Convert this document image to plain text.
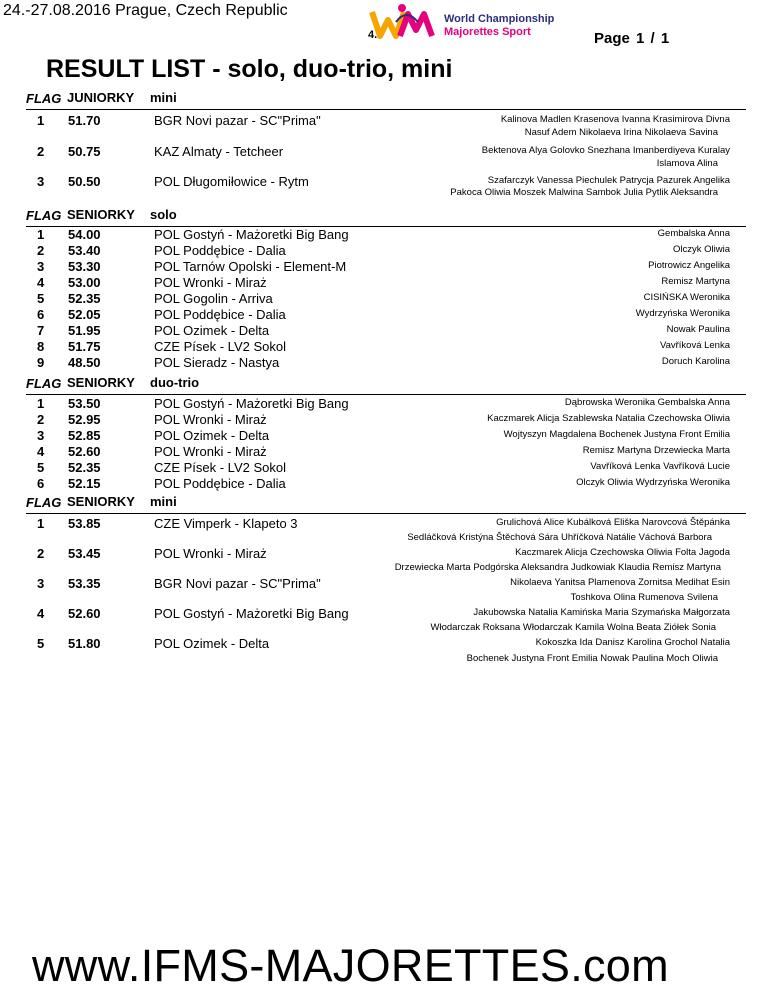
24.-27.08.2016 Prague, Czech Republic
4.
World Championship
Majorettes Sport	Page 1 / 1
RESULT LIST - solo, duo-trio, mini
FLAG JUNIORKY mini
1 51.70	BGR Novi pazar - SC"Prima"	Kalinova Madlen Krasenova Ivanna Krasimirova Divna
Nasuf Adem Nikolaeva Irina Nikolaeva Savina
2 50.75	KAZ Almaty - Tetcheer	Bektenova Alya Golovko Snezhana Imanberdiyeva Kuralay
Islamova Alina
3 50.50	POL Długomiłowice - Rytm	Szafarczyk Vanessa Piechulek Patrycja Pazurek Angelika
Pakoca Oliwia Moszek Malwina Sambok Julia Pytlik Aleksandra
FLAG SENIORKY solo
1 54.00	POL Gostyń - Mażoretki Big Bang	Gembalska Anna
2 53.40	POL Poddębice - Dalia	Olczyk Oliwia
3 53.30	POL Tarnów Opolski - Element-M	Piotrowicz Angelika
4 53.00	POL Wronki - Miraż	Remisz Martyna
5 52.35	POL Gogolin - Arriva	CISIŃSKA Weronika
6 52.05	POL Poddębice - Dalia	Wydrzyńska Weronika
7 51.95	POL Ozimek - Delta	Nowak Paulina
8 51.75	CZE Písek - LV2 Sokol	Vavříková Lenka
9 48.50	POL Sieradz - Nastya	Doruch Karolina
FLAG SENIORKY duo-trio
1 53.50	POL Gostyń - Mażoretki Big Bang	Dąbrowska Weronika Gembalska Anna
2 52.95	POL Wronki - Miraż	Kaczmarek Alicja Szablewska Natalia Czechowska Oliwia
3 52.85	POL Ozimek - Delta	Wojtyszyn Magdalena Bochenek Justyna Front Emilia
4 52.60	POL Wronki - Miraż	Remisz Martyna Drzewiecka Marta
5 52.35	CZE Písek - LV2 Sokol	Vavříková Lenka Vavříková Lucie
6 52.15	POL Poddębice - Dalia	Olczyk Oliwia Wydrzyńska Weronika
FLAG SENIORKY mini
1 53.85	CZE Vimperk - Klapeto 3	Grulichová Alice Kubálková Eliška Narovcová Štěpánka
Sedláčková Kristýna Štěchová Sára Uhříčková Natálie Váchová Barbora
2 53.45	POL Wronki - Miraż	Kaczmarek Alicja Czechowska Oliwia Folta Jagoda
Drzewiecka Marta Podgórska Aleksandra Judkowiak Klaudia Remisz Martyna
3 53.35	BGR Novi pazar - SC"Prima"	Nikolaeva Yanitsa Plamenova Zornitsa Medihat Esin
Toshkova Olina Rumenova Svilena
4 52.60	POL Gostyń - Mażoretki Big Bang	Jakubowska Natalia Kamińska Maria Szymańska Małgorzata
Włodarczak Roksana Włodarczak Kamila Wolna Beata Ziółek Sonia
5 51.80	POL Ozimek - Delta	Kokoszka Ida Danisz Karolina Grochol Natalia
Bochenek Justyna Front Emilia Nowak Paulina Moch Oliwia
www.IFMS-MAJORETTES.com
